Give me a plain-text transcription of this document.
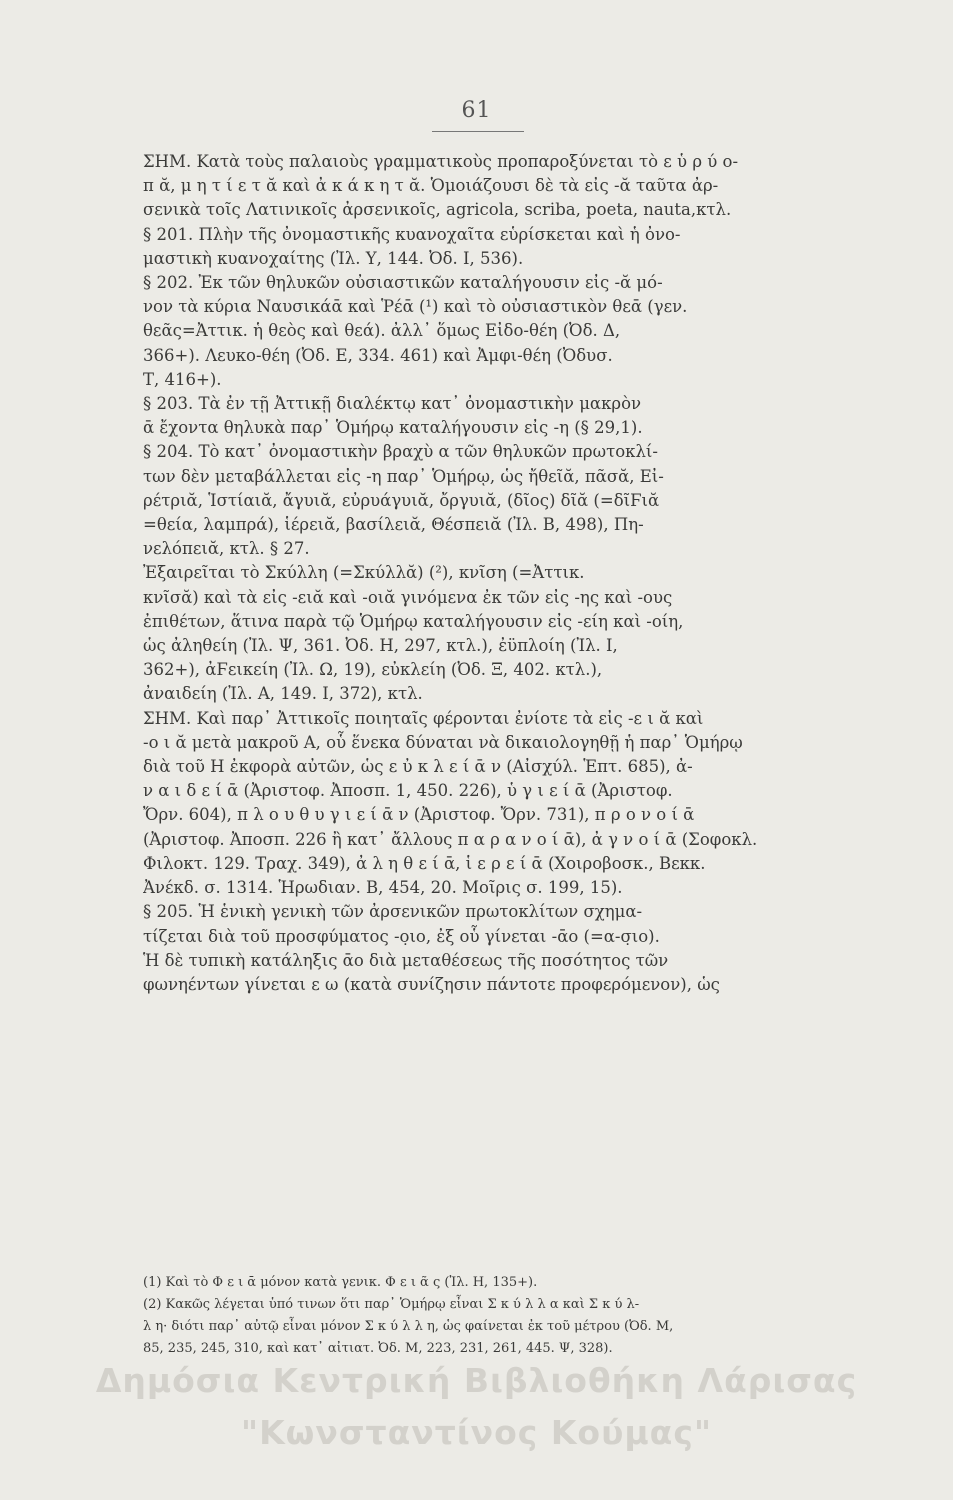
61
ΣΗΜ. Κατὰ τοὺς παλαιοὺς γραμματικοὺς προπαροξύνεται τὸ ε ὑ ρ ύ ο-
π ᾰ, μ η τ ί ε τ ᾰ καὶ ἀ κ ά κ η τ ᾰ. Ὁμοιάζουσι δὲ τὰ εἰς -ᾰ ταῦτα ἀρ-
σενικὰ τοῖς Λατινικοῖς ἀρσενικοῖς, agricola, scriba, poeta, nauta,κτλ.
§ 201. Πλὴν τῆς ὀνομαστικῆς κυανοχαῖτα εὑρίσκεται καὶ ἡ ὀνο-
μαστικὴ κυανοχαίτης (Ἰλ. Υ, 144. Ὀδ. Ι, 536).
§ 202. Ἐκ τῶν θηλυκῶν οὐσιαστικῶν καταλήγουσιν εἰς -ᾰ μό-
νον τὰ κύρια Ναυσικάᾱ καὶ Ῥέᾱ (¹) καὶ τὸ οὐσιαστικὸν θεᾱ (γεν.
θεᾶς=Ἀττικ. ἡ θεὸς καὶ θεά). ἀλλ᾿ ὅμως Εἰδο-θέη (Ὀδ. Δ,
366+). Λευκο-θέη (Ὀδ. Ε, 334. 461) καὶ Ἀμφι-θέη (Ὀδυσ.
Τ, 416+).
§ 203. Τὰ ἐν τῇ Ἀττικῇ διαλέκτῳ κατ᾿ ὀνομαστικὴν μακρὸν
ᾱ ἔχοντα θηλυκὰ παρ᾿ Ὁμήρῳ καταλήγουσιν εἰς -η (§ 29,1).
§ 204. Τὸ κατ᾿ ὀνομαστικὴν βραχὺ α τῶν θηλυκῶν πρωτοκλί-
των δὲν μεταβάλλεται εἰς -η παρ᾿ Ὁμήρῳ, ὡς ἤθεῖᾰ, πᾶσᾰ, Εἰ-
ρέτριᾰ, Ἱστίαιᾰ, ἄγυιᾰ, εὐρυάγυιᾰ, ὄργυιᾰ, (δῖος) δῖᾰ (=δῖϜιᾰ
=θεία, λαμπρά), ἱέρειᾰ, βασίλειᾰ, Θέσπειᾰ (Ἰλ. Β, 498), Πη-
νελόπειᾰ, κτλ. § 27.
Ἐξαιρεῖται τὸ Σκύλλη (=Σκύλλᾰ) (²), κνῖση (=Ἀττικ.
κνῖσᾰ) καὶ τὰ εἰς -ειᾰ καὶ -οιᾰ γινόμενα ἐκ τῶν εἰς -ης καὶ -ους
ἐπιθέτων, ἅτινα παρὰ τῷ Ὁμήρῳ καταλήγουσιν εἰς -είη καὶ -οίη,
ὡς ἀληθείη (Ἰλ. Ψ, 361. Ὀδ. Η, 297, κτλ.), ἐϋπλοίη (Ἰλ. Ι,
362+), ἀϜεικείη (Ἰλ. Ω, 19), εὐκλείη (Ὀδ. Ξ, 402. κτλ.),
ἀναιδείη (Ἰλ. Α, 149. Ι, 372), κτλ.
ΣΗΜ. Καὶ παρ᾿ Ἀττικοῖς ποιηταῖς φέρονται ἐνίοτε τὰ εἰς -ε ι ᾰ καὶ
-ο ι ᾰ μετὰ μακροῦ Α, οὗ ἕνεκα δύναται νὰ δικαιολογηθῇ ἡ παρ᾿ Ὁμήρῳ
διὰ τοῦ Η ἐκφορὰ αὐτῶν, ὡς ε ὐ κ λ ε ί ᾱ ν (Αἰσχύλ. Ἑπτ. 685), ἀ-
ν α ι δ ε ί ᾱ (Ἀριστοφ. Ἀποσπ. 1, 450. 226), ὑ γ ι ε ί ᾱ (Ἀριστοφ.
Ὄρν. 604), π λ ο υ θ υ γ ι ε ί ᾱ ν (Ἀριστοφ. Ὄρν. 731), π ρ ο ν ο ί ᾱ
(Ἀριστοφ. Ἀποσπ. 226 ἢ κατ᾿ ἄλλους π α ρ α ν ο ί ᾱ), ἀ γ ν ο ί ᾱ (Σοφοκλ.
Φιλοκτ. 129. Τραχ. 349), ἀ λ η θ ε ί ᾱ, ἱ ε ρ ε ί ᾱ (Χοιροβοσκ., Βεκκ.
Ἀνέκδ. σ. 1314. Ἡρωδιαν. Β, 454, 20. Μοῖρις σ. 199, 15).
§ 205. Ἡ ἑνικὴ γενικὴ τῶν ἀρσενικῶν πρωτοκλίτων σχημα-
τίζεται διὰ τοῦ προσφύματος -ο̣ιο, ἐξ οὗ γίνεται -ᾱο (=α-σ̣ιο).
Ἡ δὲ τυπικὴ κατάληξις ᾱο διὰ μεταθέσεως τῆς ποσότητος τῶν
φωνηέντων γίνεται ε ω (κατὰ συνίζησιν πάντοτε προφερόμενον), ὡς
(1) Καὶ τὸ Φ ε ι ᾱ μόνον κατὰ γενικ. Φ ε ι ᾶ ς (Ἰλ. Η, 135+).
(2) Κακῶς λέγεται ὑπό τινων ὅτι παρ᾿ Ὁμήρῳ εἶναι Σ κ ύ λ λ α καὶ Σ κ ύ λ-
λ η· διότι παρ᾿ αὐτῷ εἶναι μόνον Σ κ ύ λ λ η, ὡς φαίνεται ἐκ τοῦ μέτρου (Ὀδ. Μ,
85, 235, 245, 310, καὶ κατ᾿ αἰτιατ. Ὀδ. Μ, 223, 231, 261, 445. Ψ, 328).
Δημόσια Κεντρική Βιβλιοθήκη Λάρισας
"Κωνσταντίνος Κούμας"
